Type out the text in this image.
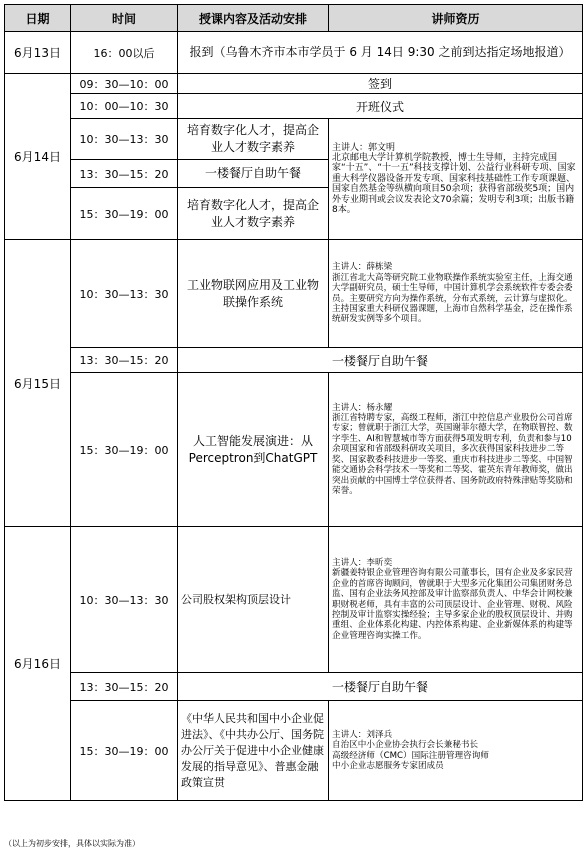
日期	时间	授课内容及活动安排	讲师资历
6月13日	16：00以后	报到（乌鲁木齐市本市学员于 6 月 14日 9:30 之前到达指定场地报道）	
6月14日	09：30—10：00	签到	
	10：00—10：30	开班仪式	
	10：30—13：30	培育数字化人才，提高企业人才数字素养	主讲人：郭文明
北京邮电大学计算机学院教授，博士生导师，主持完成国家“十五”、“十一五”科技支撑计划、公益行业科研专项、国家重大科学仪器设备开发专项、国家科技基础性工作专项课题、国家自然基金等纵横向项目50余项；获得省部级奖5项；国内外专业期刊或会议发表论文70余篇；发明专利3项；出版书籍8本。

	13：30—15：20	一楼餐厅自助午餐	
	15：30—19：00	培育数字化人才，提高企业人才数字素养	
6月15日	10：30—13：30	工业物联网应用及工业物联操作系统	主讲人：薛栋梁
浙江省北大高等研究院工业物联操作系统实验室主任，上海交通大学副研究员，硕士生导师，中国计算机学会系统软件专委会委员。主要研究方向为操作系统，分布式系统，云计算与虚拟化。主持国家重大科研仪器课题，上海市自然科学基金，泛在操作系统研发实例等多个项目。

	13：30—15：20	一楼餐厅自助午餐	
	15：30—19：00	人工智能发展演进：从 Perceptron到ChatGPT	主讲人：杨永耀
浙江省特聘专家，高级工程师，浙江中控信息产业股份公司首席专家；曾就职于浙江大学，英国谢菲尔德大学，在物联智控、数字孪生、AI和智慧城市等方面获得5项发明专利，负责和参与10余项国家和省部级科研攻关项目，多次获得国家科技进步二等奖、国家教委科技进步一等奖、重庆市科技进步二等奖、中国智能交通协会科学技术一等奖和二等奖、霍英东青年教师奖，做出突出贡献的中国博士学位获得者、国务院政府特殊津贴等奖励和荣誉。

6月16日	10：30—13：30	公司股权架构顶层设计	主讲人：李昕奕
新疆姜特银企业管理咨询有限公司董事长，国有企业及多家民营企业的首席咨询顾问，曾就职于大型多元化集团公司集团财务总监、国有企业法务风控部及审计监察部负责人、中华会计网校兼职财税老师，具有丰富的公司顶层设计、企业管理、财税、风险控制及审计监察实操经验；主导多家企业的股权顶层设计、并购重组、企业体系化构建、内控体系构建、企业新媒体系的构建等企业管理咨询实操工作。

	13：30—15：20	一楼餐厅自助午餐	
	15：30—19：00	《中华人民共和国中小企业促进法》、《中共办公厅、国务院办公厅关于促进中小企业健康发展的指导意见》、普惠金融政策宣贯	主讲人：刘泽兵
自治区中小企业协会执行会长兼秘书长
高级经济师（CMC）国际注册管理咨询师
中小企业志愿服务专家团成员
（以上为初步安排，具体以实际为准）
